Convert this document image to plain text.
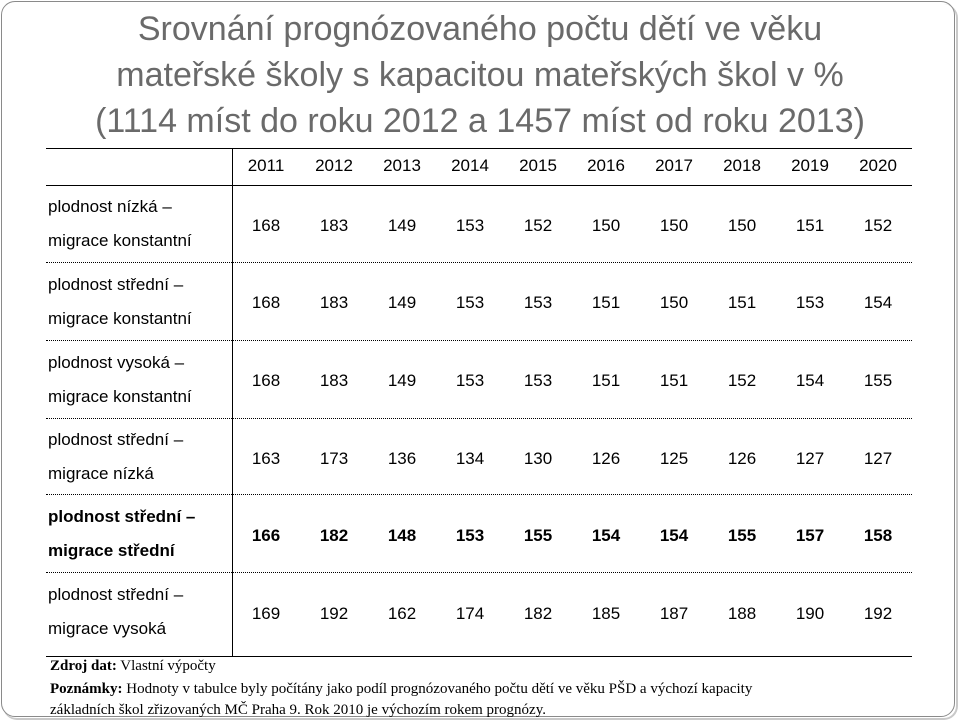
Srovnání prognózovaného počtu dětí ve věku
mateřské školy s kapacitou mateřských škol v %
(1114 míst do roku 2012 a 1457 míst od roku 2013)
2011	2012	2013	2014	2015	2016	2017	2018	2019	2020
plodnost nízká –
migrace konstantní
168	183	149	153	152	150	150	150	151	152
plodnost střední –
migrace konstantní
168	183	149	153	153	151	150	151	153	154
plodnost vysoká –
migrace konstantní
168	183	149	153	153	151	151	152	154	155
plodnost střední –
migrace nízká
163	173	136	134	130	126	125	126	127	127
plodnost střední –
migrace střední
166	182	148	153	155	154	154	155	157	158
plodnost střední –
migrace vysoká
169	192	162	174	182	185	187	188	190	192
Zdroj dat: Vlastní výpočty
Poznámky: Hodnoty v tabulce byly počítány jako podíl prognózovaného počtu dětí ve věku PŠD a výchozí kapacity
základních škol zřizovaných MČ Praha 9. Rok 2010 je výchozím rokem prognózy.
